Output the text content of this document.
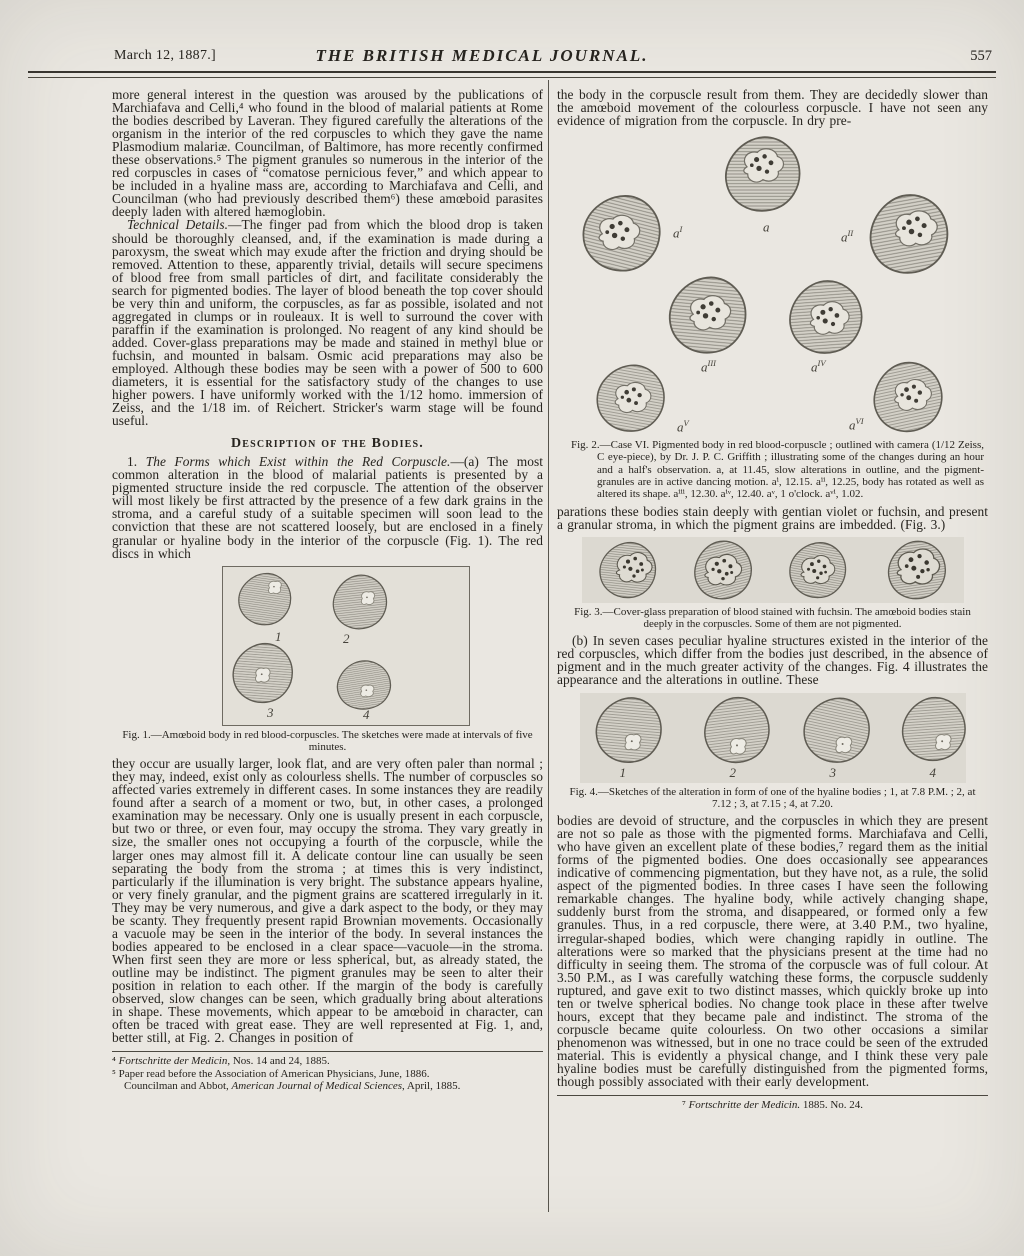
March 12, 1887.]	THE BRITISH MEDICAL JOURNAL.	557

more general interest in the question was aroused by the publications of Marchiafava and Celli,⁴ who found in the blood of malarial patients at Rome the bodies described by Laveran. They figured carefully the alterations of the organism in the interior of the red corpuscles to which they gave the name Plasmodium malariæ. Councilman, of Baltimore, has more recently confirmed these observations.⁵ The pigment granules so numerous in the interior of the red corpuscles in cases of “comatose pernicious fever,” and which appear to be included in a hyaline mass are, according to Marchiafava and Celli, and Councilman (who had previously described them⁶) these amœboid parasites deeply laden with altered hæmoglobin.

Technical Details.—The finger pad from which the blood drop is taken should be thoroughly cleansed, and, if the examination is made during a paroxysm, the sweat which may exude after the friction and drying should be removed. Attention to these, apparently trivial, details will secure specimens of blood free from small particles of dirt, and facilitate considerably the search for pigmented bodies. The layer of blood beneath the top cover should be very thin and uniform, the corpuscles, as far as possible, isolated and not aggregated in clumps or in rouleaux. It is well to surround the cover with paraffin if the examination is prolonged. No reagent of any kind should be added. Cover-glass preparations may be made and stained in methyl blue or fuchsin, and mounted in balsam. Osmic acid preparations may also be employed. Although these bodies may be seen with a power of 500 to 600 diameters, it is essential for the satisfactory study of the changes to use higher powers. I have uniformly worked with the 1/12 homo. immersion of Zeiss, and the 1/18 im. of Reichert. Stricker's warm stage will be found useful.

Description of the Bodies.

1. The Forms which Exist within the Red Corpuscle.—(a) The most common alteration in the blood of malarial patients is presented by a pigmented structure inside the red corpuscle. The attention of the observer will most likely be first attracted by the presence of a few dark grains in the stroma, and a careful study of a suitable specimen will soon lead to the conviction that these are not scattered loosely, but are enclosed in a finely granular or hyaline body in the interior of the corpuscle (Fig. 1). The red discs in which

1	2
3	4

Fig. 1.—Amœboid body in red blood-corpuscles. The sketches were made at intervals of five minutes.

they occur are usually larger, look flat, and are very often paler than normal ; they may, indeed, exist only as colourless shells. The number of corpuscles so affected varies extremely in different cases. In some instances they are readily found after a search of a moment or two, but, in other cases, a prolonged examination may be necessary. Only one is usually present in each corpuscle, but two or three, or even four, may occupy the stroma. They vary greatly in size, the smaller ones not occupying a fourth of the corpuscle, while the larger ones may almost fill it. A delicate contour line can usually be seen separating the body from the stroma ; at times this is very indistinct, particularly if the illumination is very bright. The substance appears hyaline, or very finely granular, and the pigment grains are scattered irregularly in it. They may be very numerous, and give a dark aspect to the body, or they may be scanty. They frequently present rapid Brownian movements. Occasionally a vacuole may be seen in the interior of the body. In several instances the bodies appeared to be enclosed in a clear space—vacuole—in the stroma. When first seen they are more or less spherical, but, as already stated, the outline may be indistinct. The pigment granules may be seen to alter their position in relation to each other. If the margin of the body is carefully observed, slow changes can be seen, which gradually bring about alterations in shape. These movements, which appear to be amœboid in character, can often be traced with great ease. They are well represented at Fig. 1, and, better still, at Fig. 2. Changes in position of

⁴ Fortschritte der Medicin, Nos. 14 and 24, 1885.

⁵ Paper read before the Association of American Physicians, June, 1886.

Councilman and Abbot, American Journal of Medical Sciences, April, 1885.

the body in the corpuscle result from them. They are decidedly slower than the amœboid movement of the colourless corpuscle. I have not seen any evidence of migration from the corpuscle. In dry pre-

a
$a^I$
$a^{II}$
$a^{III}$	$a^{IV}$
$a^V$	$a^{VI}$

Fig. 2.—Case VI. Pigmented body in red blood-corpuscle ; outlined with camera (1/12 Zeiss, C eye-piece), by Dr. J. P. C. Griffith ; illustrating some of the changes during an hour and a half's observation. a, at 11.45, slow alterations in outline, and the pigment-granules are in active dancing motion. aⁱ, 12.15. aⁱⁱ, 12.25, body has rotated as well as altered its shape. aⁱⁱⁱ, 12.30. aⁱᵛ, 12.40. aᵛ, 1 o'clock. aᵛⁱ, 1.02.

parations these bodies stain deeply with gentian violet or fuchsin, and present a granular stroma, in which the pigment grains are imbedded. (Fig. 3.)

Fig. 3.—Cover-glass preparation of blood stained with fuchsin. The amœboid bodies stain deeply in the corpuscles. Some of them are not pigmented.

(b) In seven cases peculiar hyaline structures existed in the interior of the red corpuscles, which differ from the bodies just described, in the absence of pigment and in the much greater activity of the changes. Fig. 4 illustrates the appearance and the alterations in outline. These

1	2	3	4

Fig. 4.—Sketches of the alteration in form of one of the hyaline bodies ; 1, at 7.8 P.M. ; 2, at 7.12 ; 3, at 7.15 ; 4, at 7.20.

bodies are devoid of structure, and the corpuscles in which they are present are not so pale as those with the pigmented forms. Marchiafava and Celli, who have given an excellent plate of these bodies,⁷ regard them as the initial forms of the pigmented bodies. One does occasionally see appearances indicative of commencing pigmentation, but they have not, as a rule, the solid aspect of the pigmented bodies. In three cases I have seen the following remarkable changes. The hyaline body, while actively changing shape, suddenly burst from the stroma, and disappeared, or formed only a few granules. Thus, in a red corpuscle, there were, at 3.40 P.M., two hyaline, irregular-shaped bodies, which were changing rapidly in outline. The alterations were so marked that the physicians present at the time had no difficulty in seeing them. The stroma of the corpuscle was of full colour. At 3.50 P.M., as I was carefully watching these forms, the corpuscle suddenly ruptured, and gave exit to two distinct masses, which quickly broke up into ten or twelve spherical bodies. No change took place in these after twelve hours, except that they became pale and indistinct. The stroma of the corpuscle became quite colourless. On two other occasions a similar phenomenon was witnessed, but in one no trace could be seen of the extruded material. This is evidently a physical change, and I think these very pale hyaline bodies must be carefully distinguished from the pigmented forms, though possibly associated with their early development.

⁷ Fortschritte der Medicin. 1885. No. 24.
